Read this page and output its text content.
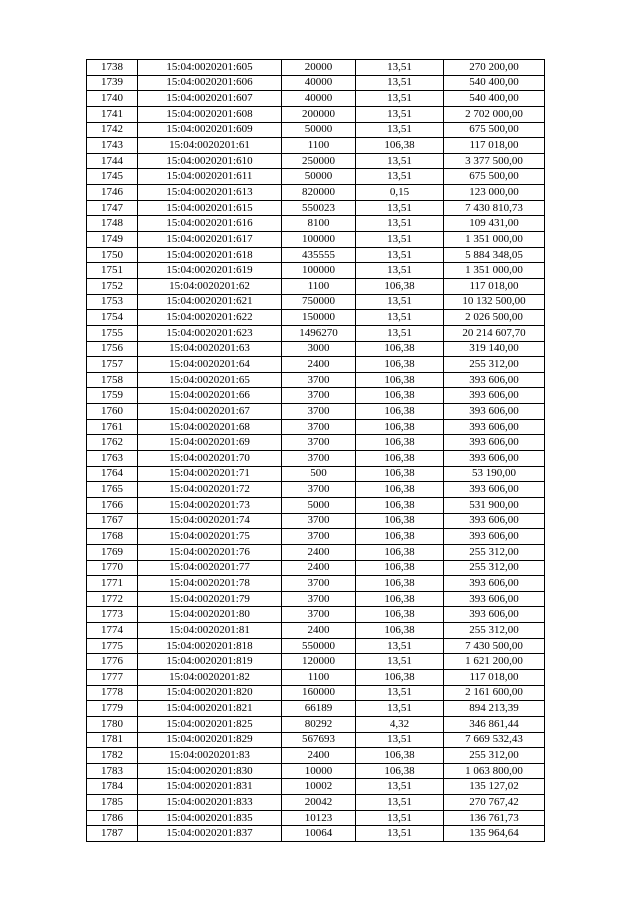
1738	15:04:0020201:605	20000	13,51	270 200,00
1739	15:04:0020201:606	40000	13,51	540 400,00
1740	15:04:0020201:607	40000	13,51	540 400,00
1741	15:04:0020201:608	200000	13,51	2 702 000,00
1742	15:04:0020201:609	50000	13,51	675 500,00
1743	15:04:0020201:61	1100	106,38	117 018,00
1744	15:04:0020201:610	250000	13,51	3 377 500,00
1745	15:04:0020201:611	50000	13,51	675 500,00
1746	15:04:0020201:613	820000	0,15	123 000,00
1747	15:04:0020201:615	550023	13,51	7 430 810,73
1748	15:04:0020201:616	8100	13,51	109 431,00
1749	15:04:0020201:617	100000	13,51	1 351 000,00
1750	15:04:0020201:618	435555	13,51	5 884 348,05
1751	15:04:0020201:619	100000	13,51	1 351 000,00
1752	15:04:0020201:62	1100	106,38	117 018,00
1753	15:04:0020201:621	750000	13,51	10 132 500,00
1754	15:04:0020201:622	150000	13,51	2 026 500,00
1755	15:04:0020201:623	1496270	13,51	20 214 607,70
1756	15:04:0020201:63	3000	106,38	319 140,00
1757	15:04:0020201:64	2400	106,38	255 312,00
1758	15:04:0020201:65	3700	106,38	393 606,00
1759	15:04:0020201:66	3700	106,38	393 606,00
1760	15:04:0020201:67	3700	106,38	393 606,00
1761	15:04:0020201:68	3700	106,38	393 606,00
1762	15:04:0020201:69	3700	106,38	393 606,00
1763	15:04:0020201:70	3700	106,38	393 606,00
1764	15:04:0020201:71	500	106,38	53 190,00
1765	15:04:0020201:72	3700	106,38	393 606,00
1766	15:04:0020201:73	5000	106,38	531 900,00
1767	15:04:0020201:74	3700	106,38	393 606,00
1768	15:04:0020201:75	3700	106,38	393 606,00
1769	15:04:0020201:76	2400	106,38	255 312,00
1770	15:04:0020201:77	2400	106,38	255 312,00
1771	15:04:0020201:78	3700	106,38	393 606,00
1772	15:04:0020201:79	3700	106,38	393 606,00
1773	15:04:0020201:80	3700	106,38	393 606,00
1774	15:04:0020201:81	2400	106,38	255 312,00
1775	15:04:0020201:818	550000	13,51	7 430 500,00
1776	15:04:0020201:819	120000	13,51	1 621 200,00
1777	15:04:0020201:82	1100	106,38	117 018,00
1778	15:04:0020201:820	160000	13,51	2 161 600,00
1779	15:04:0020201:821	66189	13,51	894 213,39
1780	15:04:0020201:825	80292	4,32	346 861,44
1781	15:04:0020201:829	567693	13,51	7 669 532,43
1782	15:04:0020201:83	2400	106,38	255 312,00
1783	15:04:0020201:830	10000	106,38	1 063 800,00
1784	15:04:0020201:831	10002	13,51	135 127,02
1785	15:04:0020201:833	20042	13,51	270 767,42
1786	15:04:0020201:835	10123	13,51	136 761,73
1787	15:04:0020201:837	10064	13,51	135 964,64
